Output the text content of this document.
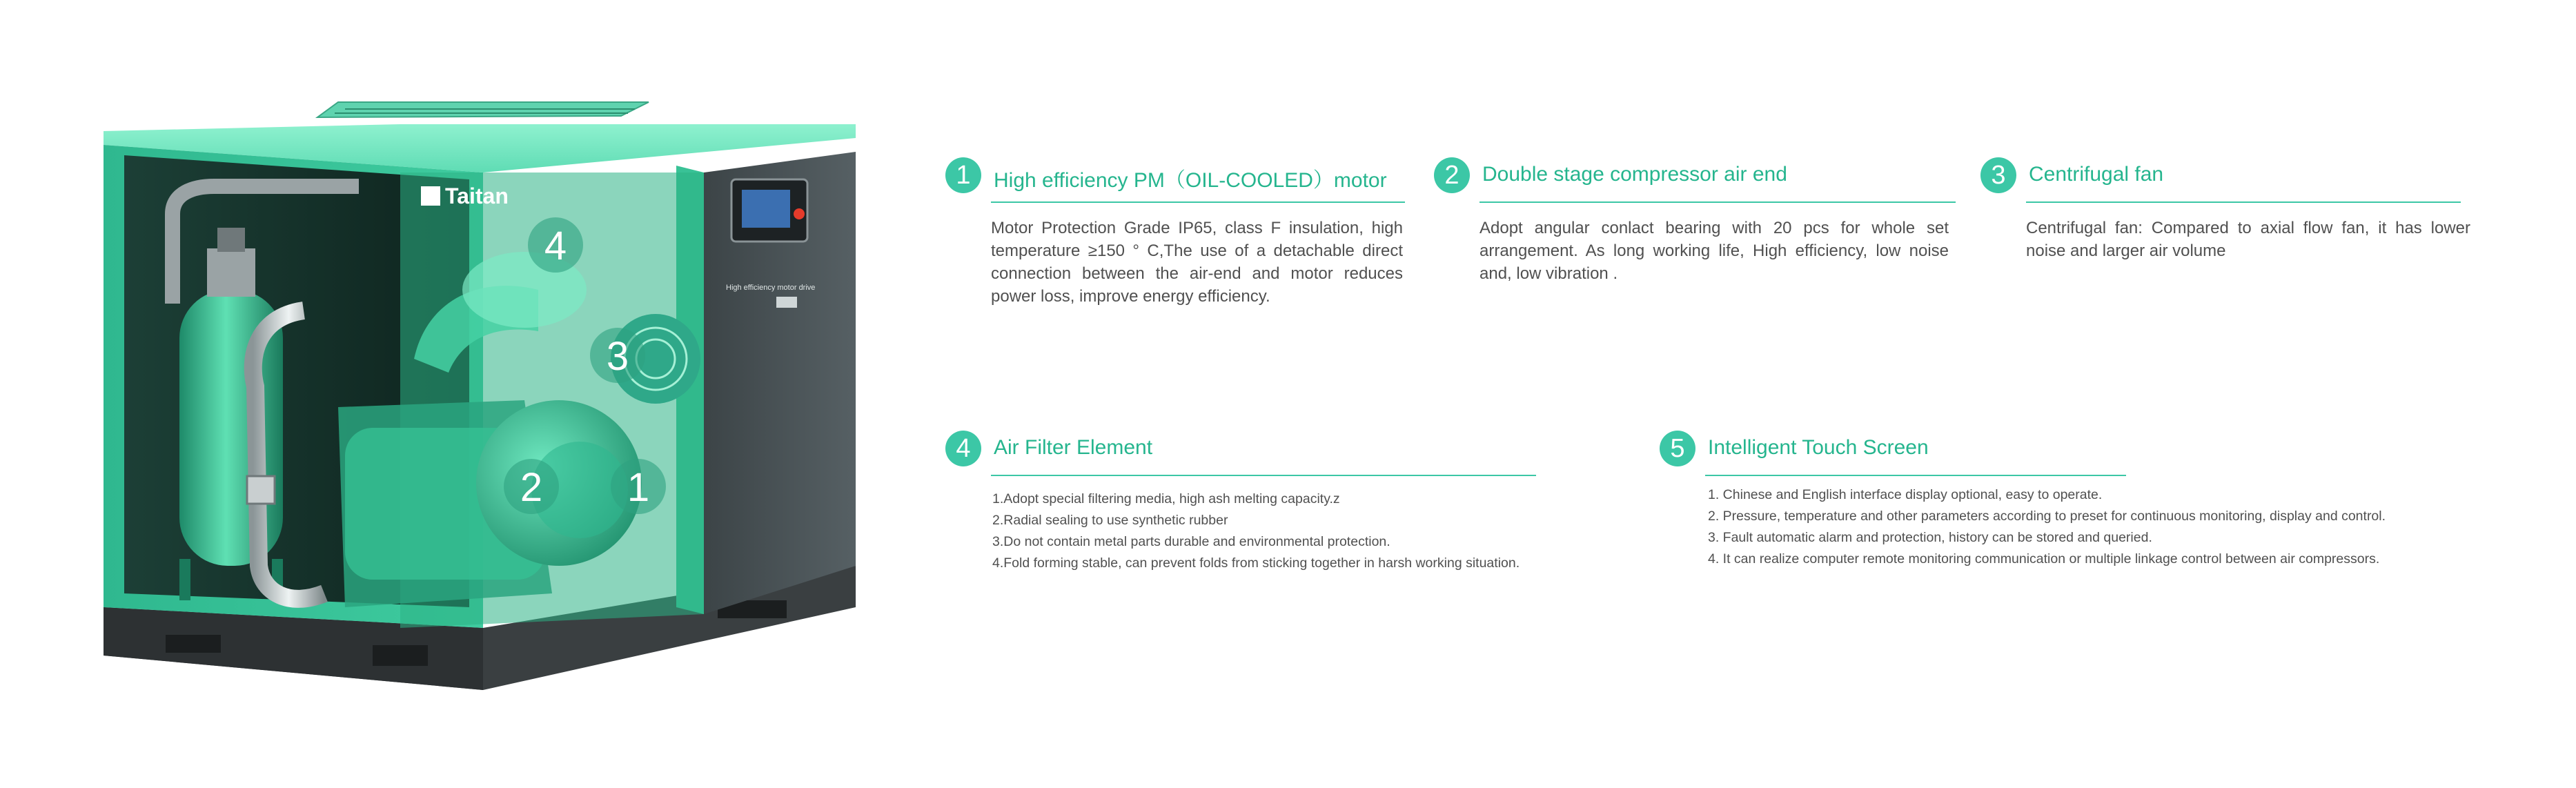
High efficiency motor drive
Taitan
4
3
2 1
1	High efficiency PM（OIL-COOLED）motor
Motor Protection Grade IP65, class F insulation, high temperature ≥150 ° C,The use of a detachable direct connection between the air-end and motor reduces power loss, improve energy efficiency.
2	Double stage compressor air end
Adopt angular conlact bearing with 20 pcs for whole set arrangement. As long working life, High efficiency, low noise and, low vibration .
3	Centrifugal fan
Centrifugal fan: Compared to axial flow fan, it has lower noise and larger air volume
4	Air Filter Element
1.Adopt special filtering media, high ash melting capacity.z
2.Radial sealing to use synthetic rubber
3.Do not contain metal parts durable and environmental protection.
4.Fold forming stable, can prevent folds from sticking together in harsh working situation.
5	Intelligent Touch Screen
1. Chinese and English interface display optional, easy to operate.
2. Pressure, temperature and other parameters according to preset for continuous monitoring, display and control.
3. Fault automatic alarm and protection, history can be stored and queried.
4. It can realize computer remote monitoring communication or multiple linkage control between air compressors.
